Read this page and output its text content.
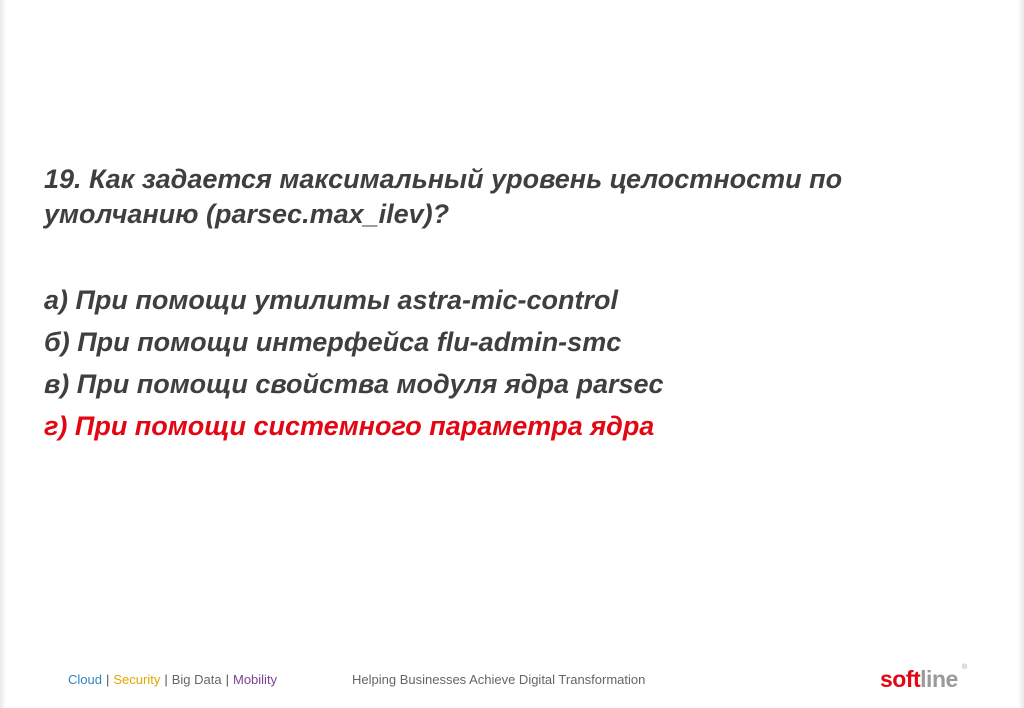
19. Как задается максимальный уровень целостности по умолчанию (parsec.max_ilev)?
а) При помощи утилиты astra-mic-control
б) При помощи интерфейса flu-admin-smc
в) При помощи свойства модуля ядра parsec
г) При помощи системного параметра ядра
Cloud | Security | Big Data | Mobility	Helping Businesses Achieve Digital Transformation	softline ®
